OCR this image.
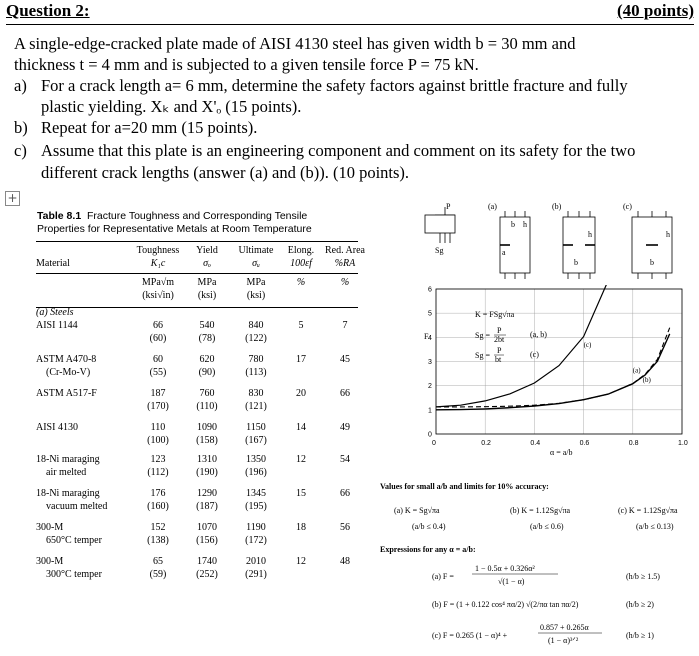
Question 2:	(40 points)
A single-edge-cracked plate made of AISI 4130 steel has given width b = 30 mm and
thickness t = 4 mm and is subjected to a given tensile force P = 75 kN.
a) For a crack length a= 6 mm, determine the safety factors against brittle fracture and fully
plastic yielding. Xₖ and X'ₒ (15 points).
b) Repeat for a=20 mm (15 points).
c) Assume that this plate is an engineering component and comment on its safety for the two
different crack lengths (answer (a) and (b)). (10 points).
+
Table 8.1 Fracture Toughness and Corresponding Tensile
Properties for Representative Metals at Room Temperature
	Toughness	Yield	Ultimate	Elong.	Red. Area
Material	K₁c	σₒ	σᵤ	100εf	%RA

	MPa√m	MPa	MPa	%	%
	(ksi√in)	(ksi)	(ksi)		

(a) Steels					
AISI 1144	66	540	840	5	7
	(60)	(78)	(122)		

ASTM A470-8	60	620	780	17	45
(Cr-Mo-V)	(55)	(90)	(113)		

ASTM A517-F	187	760	830	20	66
	(170)	(110)	(121)		

AISI 4130	110	1090	1150	14	49
	(100)	(158)	(167)		

18-Ni maraging	123	1310	1350	12	54
air melted	(112)	(190)	(196)		

18-Ni maraging	176	1290	1345	15	66
vacuum melted	(160)	(187)	(195)		

300-M	152	1070	1190	18	56
650°C temper	(138)	(156)	(172)		

300-M	65	1740	2010	12	48
300°C temper	(59)	(252)	(291)		

P
Sg
(a)	(b)	(c)
b h
a
h
b
h
b
0	0.2	0.4	0.6	0.8	1.0
0
1
2
3
4
5
6
(c)
(a)
(b)
F
α = a/b
K = FSg√πa
Sg =
P
2bt
(a, b)
Sg =
P
bt
(c)
Values for small a/b and limits for 10% accuracy:
(a) K = Sg√πa
(a/b ≤ 0.4)
(b) K = 1.12Sg√πa
(a/b ≤ 0.6)
(c) K = 1.12Sg√πa
(a/b ≤ 0.13)
Expressions for any α = a/b:
(a) F =
1 − 0.5α + 0.326α²
√(1 − α)
(h/b ≥ 1.5)
(b) F = (1 + 0.122 cos⁴ πα/2) √(2/πα tan πα/2)	(h/b ≥ 2)
(c) F = 0.265 (1 − α)⁴ +
0.857 + 0.265α
(1 − α)³ᐟ²
(h/b ≥ 1)
